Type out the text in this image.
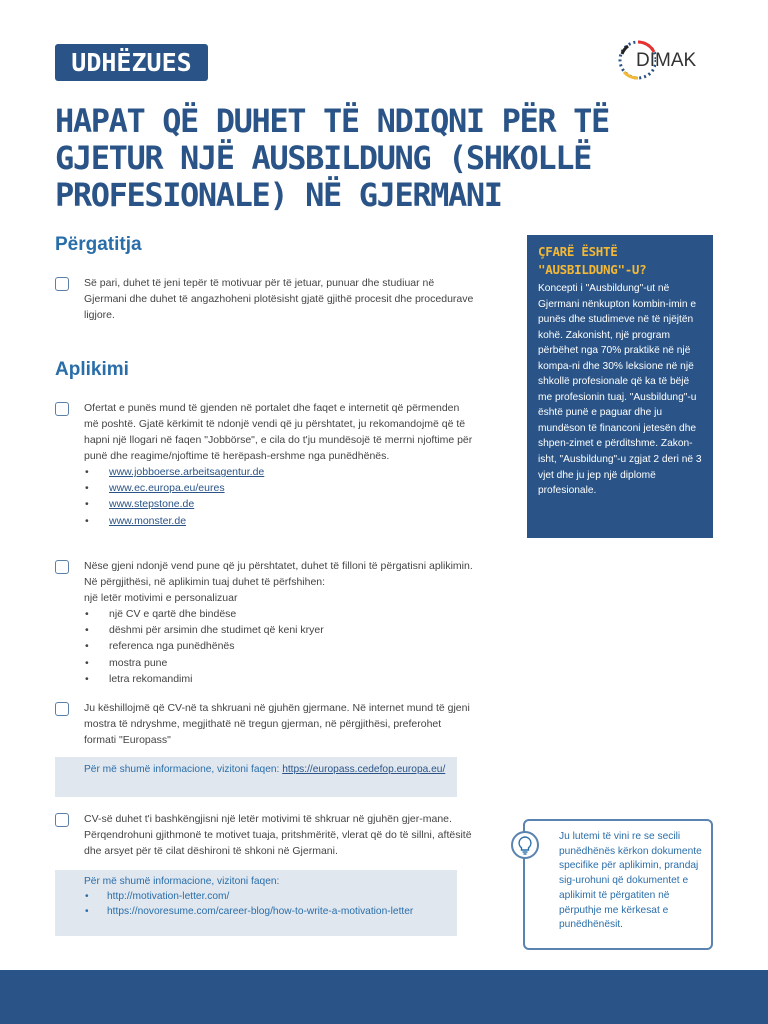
UDHËZUES	DIMAK
HAPAT QË DUHET TË NDIQNI PËR TË GJETUR NJË AUSBILDUNG (SHKOLLË PROFESIONALE) NË GJERMANI
Përgatitja

Së pari, duhet të jeni tepër të motivuar për të jetuar, punuar dhe studiuar në Gjermani dhe duhet të angazhoheni plotësisht gjatë gjithë procesit dhe procedurave ligjore.

Aplikimi

Ofertat e punës mund të gjenden në portalet dhe faqet e internetit që përmenden më poshtë. Gjatë kërkimit të ndonjë vendi që ju përshtatet, ju rekomandojmë që të hapni një llogari në faqen "Jobbörse", e cila do t'ju mundësojë të merrni njoftime për punë dhe reagime/njoftime të herëpash-ershme nga punëdhënës.

• www.jobboerse.arbeitsagentur.de
• www.ec.europa.eu/eures
• www.stepstone.de
• www.monster.de

Nëse gjeni ndonjë vend pune që ju përshtatet, duhet të filloni të përgatisni aplikimin. Në përgjithësi, në aplikimin tuaj duhet të përfshihen:

një letër motivimi e personalizuar

• një CV e qartë dhe bindëse
• dëshmi për arsimin dhe studimet që keni kryer
• referenca nga punëdhënës
• mostra pune
• letra rekomandimi

Ju këshillojmë që CV-në ta shkruani në gjuhën gjermane. Në internet mund të gjeni mostra të ndryshme, megjithatë në tregun gjerman, në përgjithësi, preferohet formati "Europass"

Për më shumë informacione, vizitoni faqen: https://europass.cedefop.europa.eu/

CV-së duhet t'i bashkëngjisni një letër motivimi të shkruar në gjuhën gjer-mane. Përqendrohuni gjithmonë te motivet tuaja, pritshmëritë, vlerat që do të sillni, aftësitë dhe arsyet për të cilat dëshironi të shkoni në Gjermani.

Për më shumë informacione, vizitoni faqen:
• http://motivation-letter.com/
• https://novoresume.com/career-blog/how-to-write-a-motivation-letter
ÇFARË ËSHTË "AUSBILDUNG"-U?
Koncepti i "Ausbildung"-ut në Gjermani nënkupton kombin-imin e punës dhe studimeve në të njëjtën kohë. Zakonisht, një program përbëhet nga 70% praktikë në një kompa-ni dhe 30% leksione në një shkollë profesionale që ka të bëjë me profesionin tuaj. "Ausbildung"-u është punë e paguar dhe ju mundëson të financoni jetesën dhe shpen-zimet e përditshme. Zakon-isht, "Ausbildung"-u zgjat 2 deri në 3 vjet dhe ju jep një diplomë profesionale.
Ju lutemi të vini re se secili punëdhënës kërkon dokumente specifike për aplikimin, prandaj sig-urohuni që dokumentet e aplikimit të përgatiten në përputhje me kërkesat e punëdhënësit.
